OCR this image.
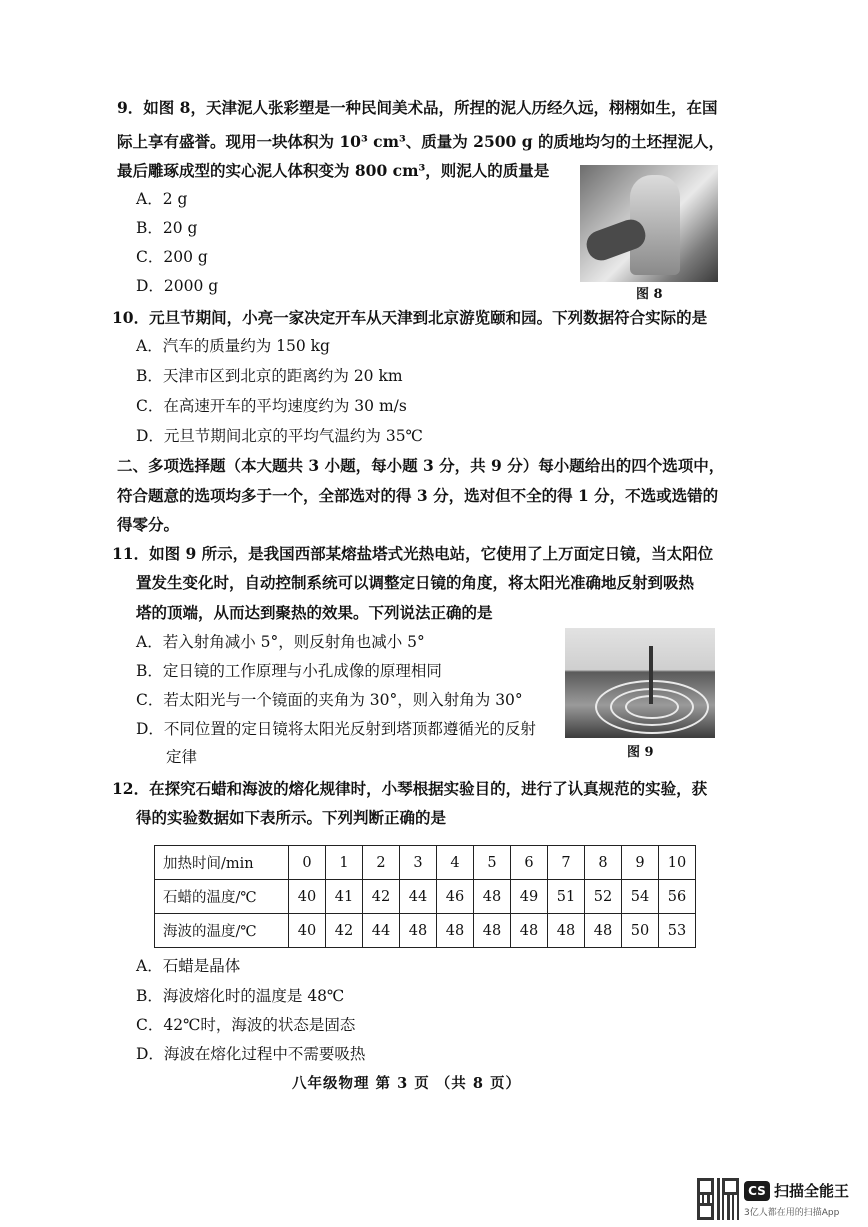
9．如图 8，天津泥人张彩塑是一种民间美术品，所捏的泥人历经久远，栩栩如生，在国
际上享有盛誉。现用一块体积为 10³ cm³、质量为 2500 g 的质地均匀的土坯捏泥人，
最后雕琢成型的实心泥人体积变为 800 cm³，则泥人的质量是
A．2 g
B．20 g
C．200 g
D．2000 g	图 8
10．元旦节期间，小亮一家决定开车从天津到北京游览颐和园。下列数据符合实际的是
A．汽车的质量约为 150 kg
B．天津市区到北京的距离约为 20 km
C．在高速开车的平均速度约为 30 m/s
D．元旦节期间北京的平均气温约为 35℃
二、多项选择题（本大题共 3 小题，每小题 3 分，共 9 分）每小题给出的四个选项中，
符合题意的选项均多于一个，全部选对的得 3 分，选对但不全的得 1 分，不选或选错的
得零分。
11．如图 9 所示，是我国西部某熔盐塔式光热电站，它使用了上万面定日镜，当太阳位
置发生变化时，自动控制系统可以调整定日镜的角度，将太阳光准确地反射到吸热
塔的顶端，从而达到聚热的效果。下列说法正确的是
A．若入射角减小 5°，则反射角也减小 5°
B．定日镜的工作原理与小孔成像的原理相同
C．若太阳光与一个镜面的夹角为 30°，则入射角为 30°
D．不同位置的定日镜将太阳光反射到塔顶都遵循光的反射
定律	图 9
12．在探究石蜡和海波的熔化规律时，小琴根据实验目的，进行了认真规范的实验，获
得的实验数据如下表所示。下列判断正确的是
加热时间/min	0	1	2	3	4	5	6	7	8	9	10
石蜡的温度/℃	40	41	42	44	46	48	49	51	52	54	56
海波的温度/℃	40	42	44	48	48	48	48	48	48	50	53
A．石蜡是晶体
B．海波熔化时的温度是 48℃
C．42℃时，海波的状态是固态
D．海波在熔化过程中不需要吸热
八年级物理 第 3 页 （共 8 页）
CS 扫描全能王
3亿人都在用的扫描App
